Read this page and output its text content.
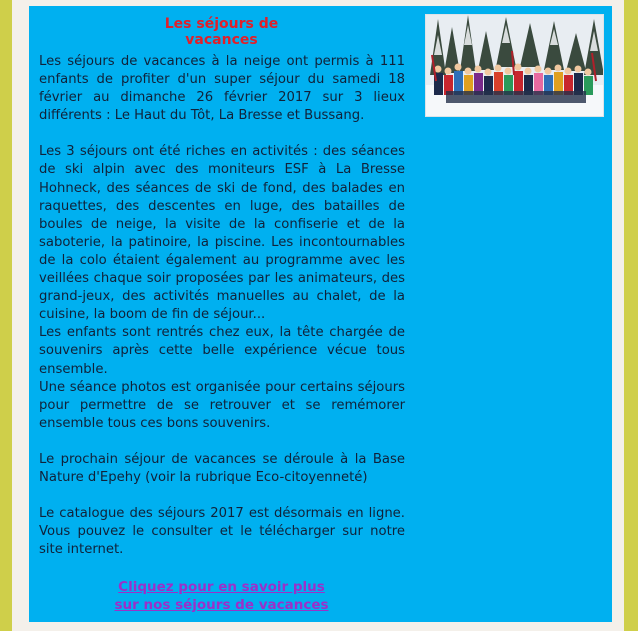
Les séjours de vacances

Les séjours de vacances à la neige ont permis à 111 enfants de profiter d'un super séjour du samedi 18 février au dimanche 26 février 2017 sur 3 lieux différents : Le Haut du Tôt, La Bresse et Bussang.

Les 3 séjours ont été riches en activités : des séances de ski alpin avec des moniteurs ESF à La Bresse Hohneck, des séances de ski de fond, des balades en raquettes, des descentes en luge, des batailles de boules de neige, la visite de la confiserie et de la saboterie, la patinoire, la piscine. Les incontournables de la colo étaient également au programme avec les veillées chaque soir proposées par les animateurs, des grand-jeux, des activités manuelles au chalet, de la cuisine, la boom de fin de séjour...

Les enfants sont rentrés chez eux, la tête chargée de souvenirs après cette belle expérience vécue tous ensemble.

Une séance photos est organisée pour certains séjours pour permettre de se retrouver et se remémorer ensemble tous ces bons souvenirs.

Le prochain séjour de vacances se déroule à la Base Nature d'Epehy (voir la rubrique Eco-citoyenneté)

Le catalogue des séjours 2017 est désormais en ligne. Vous pouvez le consulter et le télécharger sur notre site internet.

Cliquez pour en savoir plus
sur nos séjours de vacances
